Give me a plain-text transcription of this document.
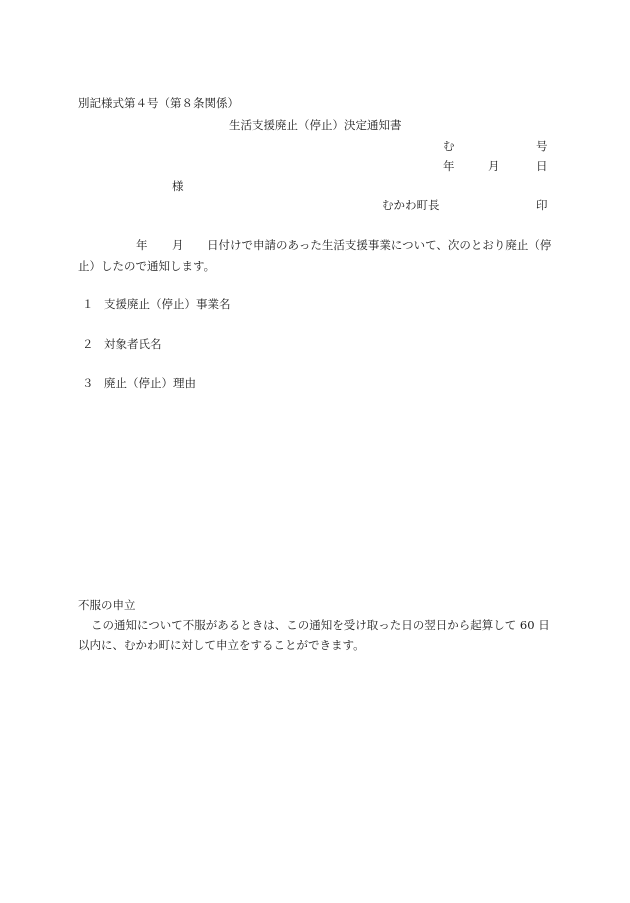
別記様式第４号（第８条関係）
生活支援廃止（停止）決定通知書
む	号
年	月	日
様
むかわ町長	印
年 月 日付けで申請のあった生活支援事業について、次のとおり廃止（停
止）したので通知します。
１ 支援廃止（停止）事業名
２ 対象者氏名
３ 廃止（停止）理由
不服の申立
この通知について不服があるときは、この通知を受け取った日の翌日から起算して 60 日
以内に、むかわ町に対して申立をすることができます。
